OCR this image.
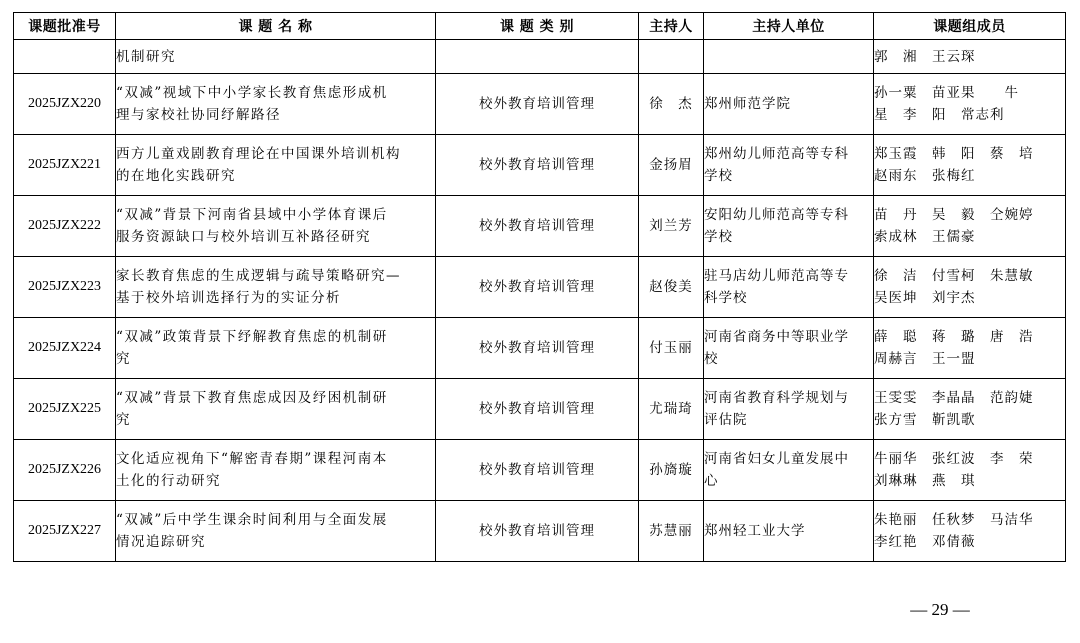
课题批准号	课 题 名 称	课 题 类 别	主持人	主持人单位	课题组成员

	机制研究				郭　湘　王云琛

2025JZX220	“双减”视域下中小学家长教育焦虑形成机
理与家校社协同纾解路径	校外教育培训管理	徐　杰	郑州师范学院	孙一粟　苗亚果　　牛
星　李　阳　常志利

2025JZX221	西方儿童戏剧教育理论在中国课外培训机构
的在地化实践研究	校外教育培训管理	金扬眉	郑州幼儿师范高等专科
学校	郑玉霞　韩　阳　蔡　培
赵雨东　张梅红

2025JZX222	“双减”背景下河南省县域中小学体育课后
服务资源缺口与校外培训互补路径研究	校外教育培训管理	刘兰芳	安阳幼儿师范高等专科
学校	苗　丹　吴　毅　仝婉婷
索成林　王儒豪

2025JZX223	家长教育焦虑的生成逻辑与疏导策略研究—
基于校外培训选择行为的实证分析	校外教育培训管理	赵俊美	驻马店幼儿师范高等专
科学校	徐　洁　付雪柯　朱慧敏
吴医坤　刘宇杰

2025JZX224	“双减”政策背景下纾解教育焦虑的机制研
究	校外教育培训管理	付玉丽	河南省商务中等职业学
校	薛　聪　蒋　璐　唐　浩
周赫言　王一盟

2025JZX225	“双减”背景下教育焦虑成因及纾困机制研
究	校外教育培训管理	尤瑞琦	河南省教育科学规划与
评估院	王雯雯　李晶晶　范韵婕
张方雪　靳凯歌

2025JZX226	文化适应视角下“解密青春期”课程河南本
土化的行动研究	校外教育培训管理	孙旖璇	河南省妇女儿童发展中
心	牛丽华　张红波　李　荣
刘琳琳　燕　琪

2025JZX227	“双减”后中学生课余时间利用与全面发展
情况追踪研究	校外教育培训管理	苏慧丽	郑州轻工业大学	朱艳丽　任秋梦　马洁华
李红艳　邓倩薇
— 29 —
